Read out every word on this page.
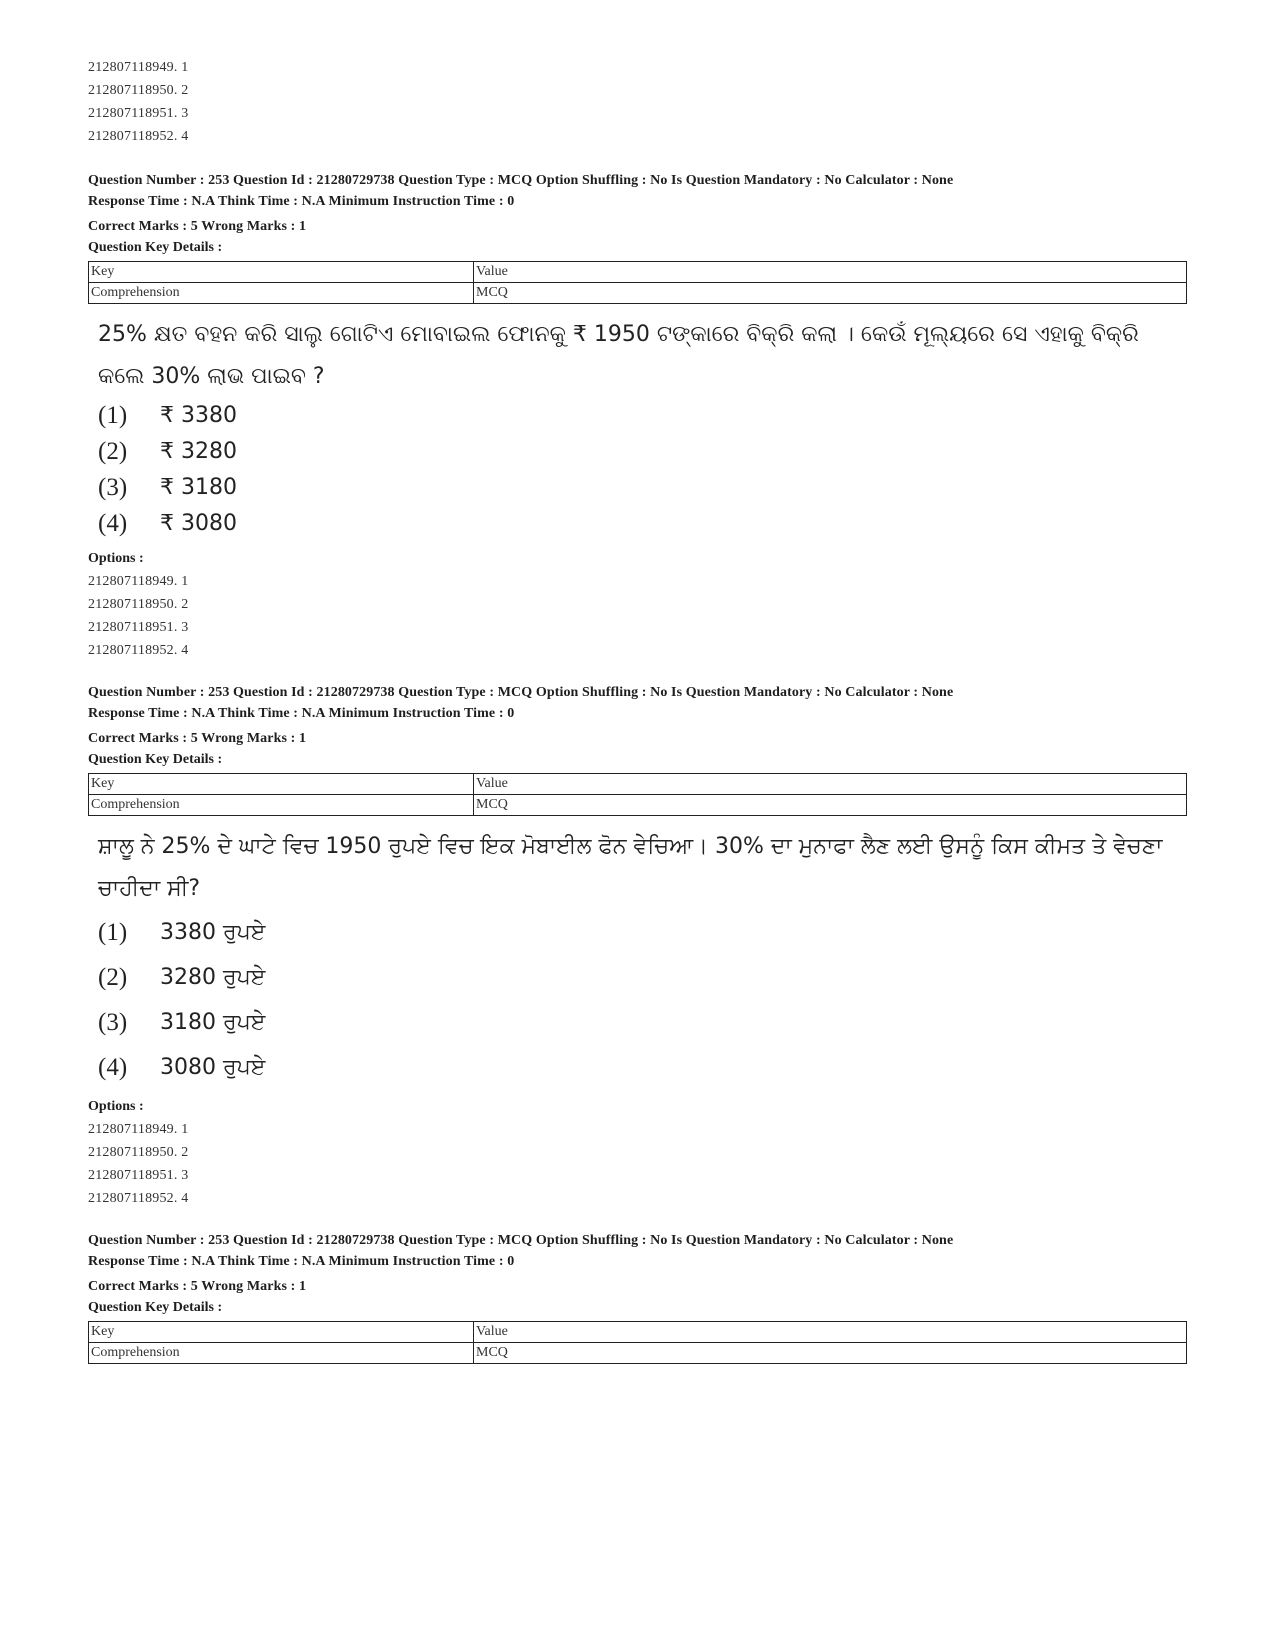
212807118949. 1
212807118950. 2
212807118951. 3
212807118952. 4
Question Number : 253 Question Id : 21280729738 Question Type : MCQ Option Shuffling : No Is Question Mandatory : No Calculator : None
Response Time : N.A Think Time : N.A Minimum Instruction Time : 0
Correct Marks : 5 Wrong Marks : 1
Question Key Details :
Key	Value
Comprehension	MCQ
25% କ୍ଷତ ବହନ କରି ସାଲୁ ଗୋଟିଏ ମୋବାଇଲ ଫୋନକୁ ₹ 1950 ଟଙ୍କାରେ ବିକ୍ରି କଲା । କେଉଁ ମୂଲ୍ୟରେ ସେ ଏହାକୁ ବିକ୍ରି କଲେ 30% ଲାଭ ପାଇବ ?
(1)	₹ 3380
(2)	₹ 3280
(3)	₹ 3180
(4)	₹ 3080
Options :
212807118949. 1
212807118950. 2
212807118951. 3
212807118952. 4
Question Number : 253 Question Id : 21280729738 Question Type : MCQ Option Shuffling : No Is Question Mandatory : No Calculator : None
Response Time : N.A Think Time : N.A Minimum Instruction Time : 0
Correct Marks : 5 Wrong Marks : 1
Question Key Details :
Key	Value
Comprehension	MCQ
ਸ਼ਾਲੂ ਨੇ 25% ਦੇ ਘਾਟੇ ਵਿਚ 1950 ਰੁਪਏ ਵਿਚ ਇਕ ਮੋਬਾਈਲ ਫੋਨ ਵੇਚਿਆ। 30% ਦਾ ਮੁਨਾਫਾ ਲੈਣ ਲਈ ਉਸਨੂੰ ਕਿਸ ਕੀਮਤ ਤੇ ਵੇਚਣਾ ਚਾਹੀਦਾ ਸੀ?
(1)	3380 ਰੁਪਏ
(2)	3280 ਰੁਪਏ
(3)	3180 ਰੁਪਏ
(4)	3080 ਰੁਪਏ
Options :
212807118949. 1
212807118950. 2
212807118951. 3
212807118952. 4
Question Number : 253 Question Id : 21280729738 Question Type : MCQ Option Shuffling : No Is Question Mandatory : No Calculator : None
Response Time : N.A Think Time : N.A Minimum Instruction Time : 0
Correct Marks : 5 Wrong Marks : 1
Question Key Details :
Key	Value
Comprehension	MCQ
